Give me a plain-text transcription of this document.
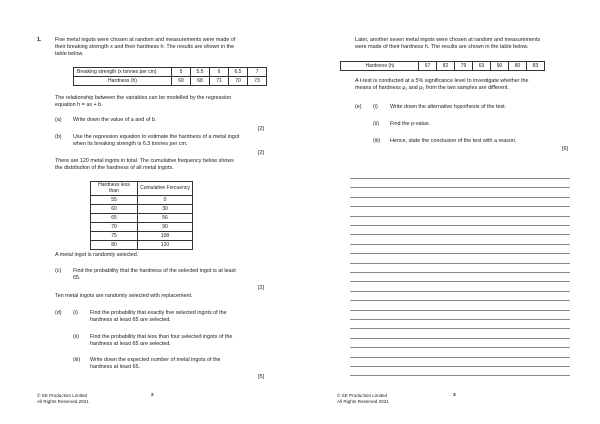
1.	Five metal ingots were chosen at random and measurements were made of
their breaking strength x and their hardness h. The results are shown in the
table below.
Breaking strength (x tonnes per cm)	5	5.5	6	6.5	7
Hardness (h)	60	68	71	70	73
The relationship between the variables can be modelled by the regression
equation h = ax + b.
(a) Write down the value of a and of b.
[2]
(b) Use the regression equation to estimate the hardness of a metal ingot
when its breaking strength is 6.3 tonnes per cm.
[2]
There are 120 metal ingots in total. The cumulative frequency below shows
the distribution of the hardness of all metal ingots.
Hardness less than	Cumulative Frecuency
55	0
60	30
65	56
70	90
75	108
80	120
A metal ingot is randomly selected.
(c) Find the probability that the hardness of the selected ingot is at least
65.
[2]
Ten metal ingots are randomly selected with replacement.
(d) (i) Find the probability that exactly five selected ingots of the
hardness at least 65 are selected.
(ii) Find the probability that less than four selected ingots of the
hardness at least 65 are selected.
(iii) Write down the expected number of metal ingots of the
hardness at least 65.
[5]
© SE Production Limited
All Rights Reserved 2021
2
Later, another seven metal ingots were chosen at random and measurements
were made of their hardness h. The results are shown in the table below.
Hardness (h)	67	82	79	63	90	80	83
A t-test is conducted at a 5% significance level to investigate whether the
means of hardness μ₁ and μ₂ from the two samples are different.
(e) (i) Write down the alternative hypothesis of the test.
(ii) Find the p-value.
(iii) Hence, state the conclusion of the test with a reason.
[6]
© SE Production Limited
All Rights Reserved 2021
3
